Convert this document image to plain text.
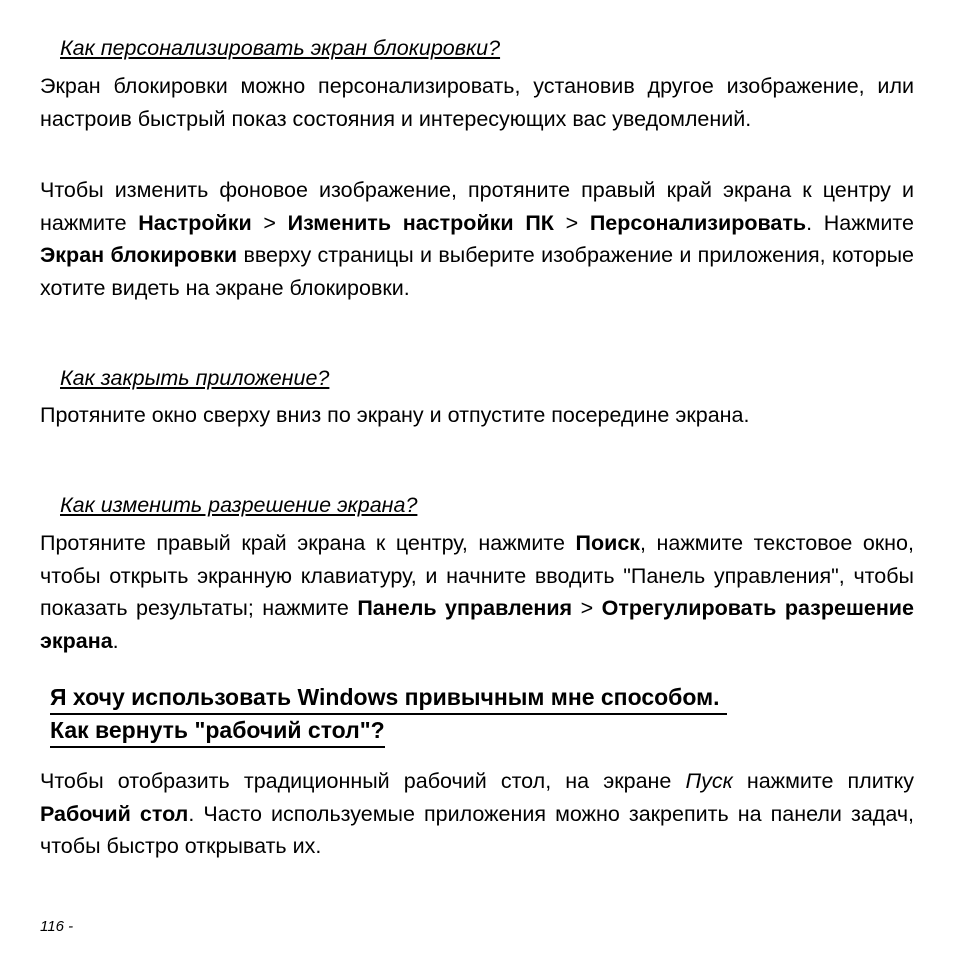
Как персонализировать экран блокировки?

Экран блокировки можно персонализировать, установив другое изображение, или настроив быстрый показ состояния и интересующих вас уведомлений.

Чтобы изменить фоновое изображение, протяните правый край экрана к центру и нажмите Настройки > Изменить настройки ПК > Персонализировать. Нажмите Экран блокировки вверху страницы и выберите изображение и приложения, которые хотите видеть на экране блокировки.

Как закрыть приложение?

Протяните окно сверху вниз по экрану и отпустите посередине экрана.

Как изменить разрешение экрана?

Протяните правый край экрана к центру, нажмите Поиск, нажмите текстовое окно, чтобы открыть экранную клавиатуру, и начните вводить "Панель управления", чтобы показать результаты; нажмите Панель управления > Отрегулировать разрешение экрана.

Я хочу использовать Windows привычным мне способом.
Как вернуть "рабочий стол"?

Чтобы отобразить традиционный рабочий стол, на экране Пуск нажмите плитку Рабочий стол. Часто используемые приложения можно закрепить на панели задач, чтобы быстро открывать их.

116 -
